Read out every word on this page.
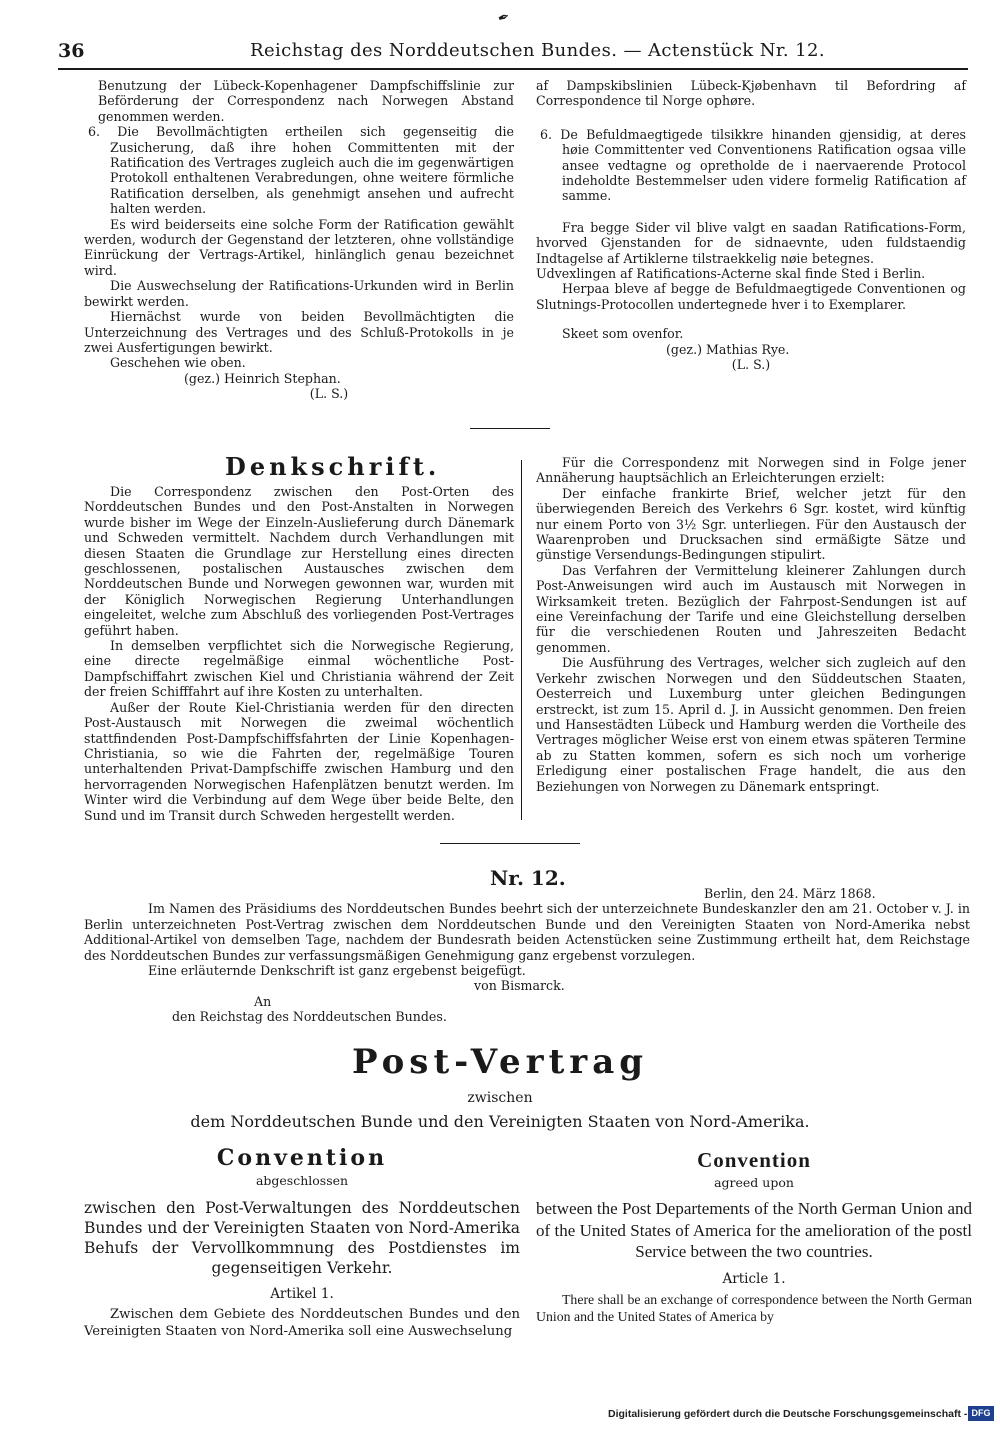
✒
36	Reichstag des Norddeutschen Bundes. — Actenstück Nr. 12.

Benutzung der Lübeck-Kopenhagener Dampfschiffslinie zur Beförderung der Correspondenz nach Norwegen Abstand genommen werden.

6. Die Bevollmächtigten ertheilen sich gegenseitig die Zusicherung, daß ihre hohen Committenten mit der Ratification des Vertrages zugleich auch die im gegenwärtigen Protokoll enthaltenen Verabredungen, ohne weitere förmliche Ratification derselben, als genehmigt ansehen und aufrecht halten werden.

Es wird beiderseits eine solche Form der Ratification gewählt werden, wodurch der Gegenstand der letzteren, ohne vollständige Einrückung der Vertrags-Artikel, hinlänglich genau bezeichnet wird.

Die Auswechselung der Ratifications-Urkunden wird in Berlin bewirkt werden.

Hiernächst wurde von beiden Bevollmächtigten die Unterzeichnung des Vertrages und des Schluß-Protokolls in je zwei Ausfertigungen bewirkt.

Geschehen wie oben.

(gez.) Heinrich Stephan.

(L. S.)

af Dampskibslinien Lübeck-Kjøbenhavn til Befordring af Correspondence til Norge ophøre.

6. De Befuldmaegtigede tilsikkre hinanden gjensidig, at deres høie Committenter ved Conventionens Ratification ogsaa ville ansee vedtagne og opretholde de i naervaerende Protocol indeholdte Bestemmelser uden videre formelig Ratification af samme.

Fra begge Sider vil blive valgt en saadan Ratifications-Form, hvorved Gjenstanden for de sidnaevnte, uden fuldstaendig Indtagelse af Artiklerne tilstraekkelig nøie betegnes.

Udvexlingen af Ratifications-Acterne skal finde Sted i Berlin.

Herpaa bleve af begge de Befuldmaegtigede Conventionen og Slutnings-Protocollen undertegnede hver i to Exemplarer.

Skeet som ovenfor.

(gez.) Mathias Rye.

(L. S.)

Denkschrift.

Die Correspondenz zwischen den Post-Orten des Norddeutschen Bundes und den Post-Anstalten in Norwegen wurde bisher im Wege der Einzeln-Auslieferung durch Dänemark und Schweden vermittelt. Nachdem durch Verhandlungen mit diesen Staaten die Grundlage zur Herstellung eines directen geschlossenen, postalischen Austausches zwischen dem Norddeutschen Bunde und Norwegen gewonnen war, wurden mit der Königlich Norwegischen Regierung Unterhandlungen eingeleitet, welche zum Abschluß des vorliegenden Post-Vertrages geführt haben.

In demselben verpflichtet sich die Norwegische Regierung, eine directe regelmäßige einmal wöchentliche Post-Dampfschiffahrt zwischen Kiel und Christiania während der Zeit der freien Schifffahrt auf ihre Kosten zu unterhalten.

Außer der Route Kiel-Christiania werden für den directen Post-Austausch mit Norwegen die zweimal wöchentlich stattfindenden Post-Dampfschiffsfahrten der Linie Kopenhagen-Christiania, so wie die Fahrten der, regelmäßige Touren unterhaltenden Privat-Dampfschiffe zwischen Hamburg und den hervorragenden Norwegischen Hafenplätzen benutzt werden. Im Winter wird die Verbindung auf dem Wege über beide Belte, den Sund und im Transit durch Schweden hergestellt werden.

Für die Correspondenz mit Norwegen sind in Folge jener Annäherung hauptsächlich an Erleichterungen erzielt:

Der einfache frankirte Brief, welcher jetzt für den überwiegenden Bereich des Verkehrs 6 Sgr. kostet, wird künftig nur einem Porto von 3½ Sgr. unterliegen. Für den Austausch der Waarenproben und Drucksachen sind ermäßigte Sätze und günstige Versendungs-Bedingungen stipulirt.

Das Verfahren der Vermittelung kleinerer Zahlungen durch Post-Anweisungen wird auch im Austausch mit Norwegen in Wirksamkeit treten. Bezüglich der Fahrpost-Sendungen ist auf eine Vereinfachung der Tarife und eine Gleichstellung derselben für die verschiedenen Routen und Jahreszeiten Bedacht genommen.

Die Ausführung des Vertrages, welcher sich zugleich auf den Verkehr zwischen Norwegen und den Süddeutschen Staaten, Oesterreich und Luxemburg unter gleichen Bedingungen erstreckt, ist zum 15. April d. J. in Aussicht genommen. Den freien und Hansestädten Lübeck und Hamburg werden die Vortheile des Vertrages möglicher Weise erst von einem etwas späteren Termine ab zu Statten kommen, sofern es sich noch um vorherige Erledigung einer postalischen Frage handelt, die aus den Beziehungen von Norwegen zu Dänemark entspringt.

Nr. 12.

Berlin, den 24. März 1868.

Im Namen des Präsidiums des Norddeutschen Bundes beehrt sich der unterzeichnete Bundeskanzler den am 21. October v. J. in Berlin unterzeichneten Post-Vertrag zwischen dem Norddeutschen Bunde und den Vereinigten Staaten von Nord-Amerika nebst Additional-Artikel von demselben Tage, nachdem der Bundesrath beiden Actenstücken seine Zustimmung ertheilt hat, dem Reichstage des Norddeutschen Bundes zur verfassungsmäßigen Genehmigung ganz ergebenst vorzulegen.

Eine erläuternde Denkschrift ist ganz ergebenst beigefügt.

von Bismarck.

An

den Reichstag des Norddeutschen Bundes.

Post-Vertrag
zwischen
dem Norddeutschen Bunde und den Vereinigten Staaten von Nord-Amerika.
Convention
abgeschlossen
zwischen den Post-Verwaltungen des Norddeutschen Bundes und der Vereinigten Staaten von Nord-Amerika Behufs der Vervollkommnung des Postdienstes im gegenseitigen Verkehr.
Artikel 1.
Zwischen dem Gebiete des Norddeutschen Bundes und den Vereinigten Staaten von Nord-Amerika soll eine Auswechselung
Convention
agreed upon
between the Post Departements of the North German Union and of the United States of America for the amelioration of the postl Service between the two countries.
Article 1.
There shall be an exchange of correspondence between the North German Union and the United States of America by
Digitalisierung gefördert durch die Deutsche Forschungsgemeinschaft - DFG
